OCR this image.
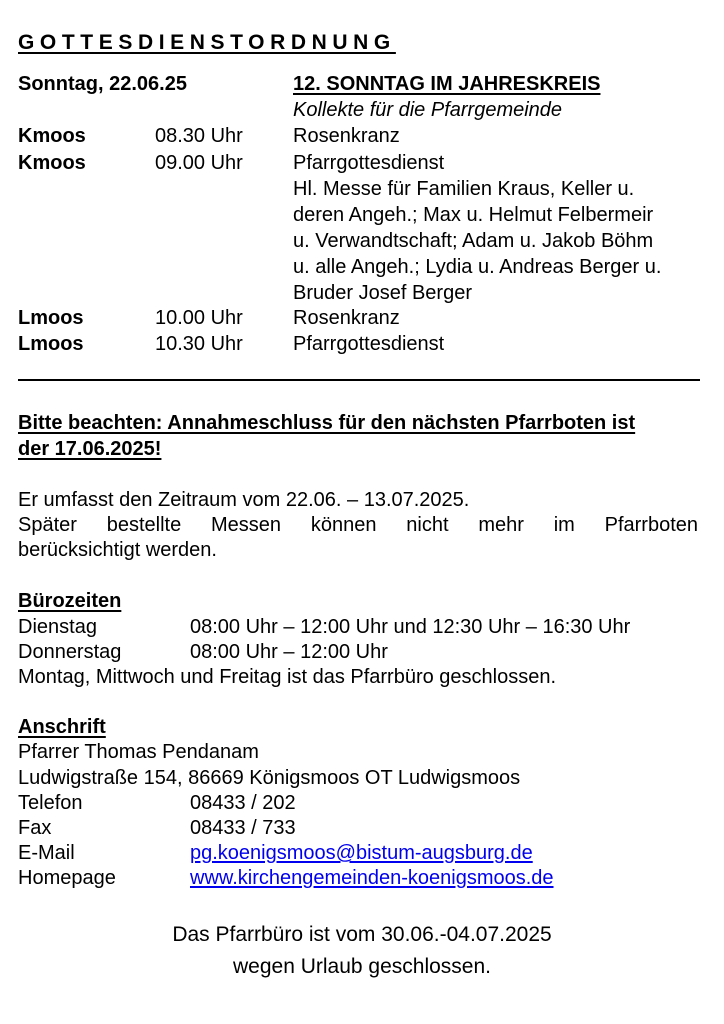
GOTTESDIENSTORDNUNG
Sonntag, 22.06.25	12. SONNTAG IM JAHRESKREIS
Kollekte für die Pfarrgemeinde
Kmoos	08.30 Uhr	Rosenkranz
Kmoos	09.00 Uhr	Pfarrgottesdienst
Hl. Messe für Familien Kraus, Keller u.
deren Angeh.; Max u. Helmut Felbermeir
u. Verwandtschaft; Adam u. Jakob Böhm
u. alle Angeh.; Lydia u. Andreas Berger u.
Bruder Josef Berger
Lmoos	10.00 Uhr	Rosenkranz
Lmoos	10.30 Uhr	Pfarrgottesdienst
Bitte beachten: Annahmeschluss für den nächsten Pfarrboten ist
der 17.06.2025!
Er umfasst den Zeitraum vom 22.06. – 13.07.2025.
Später bestellte Messen können nicht mehr im Pfarrboten
berücksichtigt werden.
Bürozeiten
Dienstag	08:00 Uhr – 12:00 Uhr und 12:30 Uhr – 16:30 Uhr
Donnerstag	08:00 Uhr – 12:00 Uhr
Montag, Mittwoch und Freitag ist das Pfarrbüro geschlossen.
Anschrift
Pfarrer Thomas Pendanam
Ludwigstraße 154, 86669 Königsmoos OT Ludwigsmoos
Telefon	08433 / 202
Fax	08433 / 733
E-Mail	pg.koenigsmoos@bistum-augsburg.de
Homepage	www.kirchengemeinden-koenigsmoos.de
Das Pfarrbüro ist vom 30.06.-04.07.2025
wegen Urlaub geschlossen.
